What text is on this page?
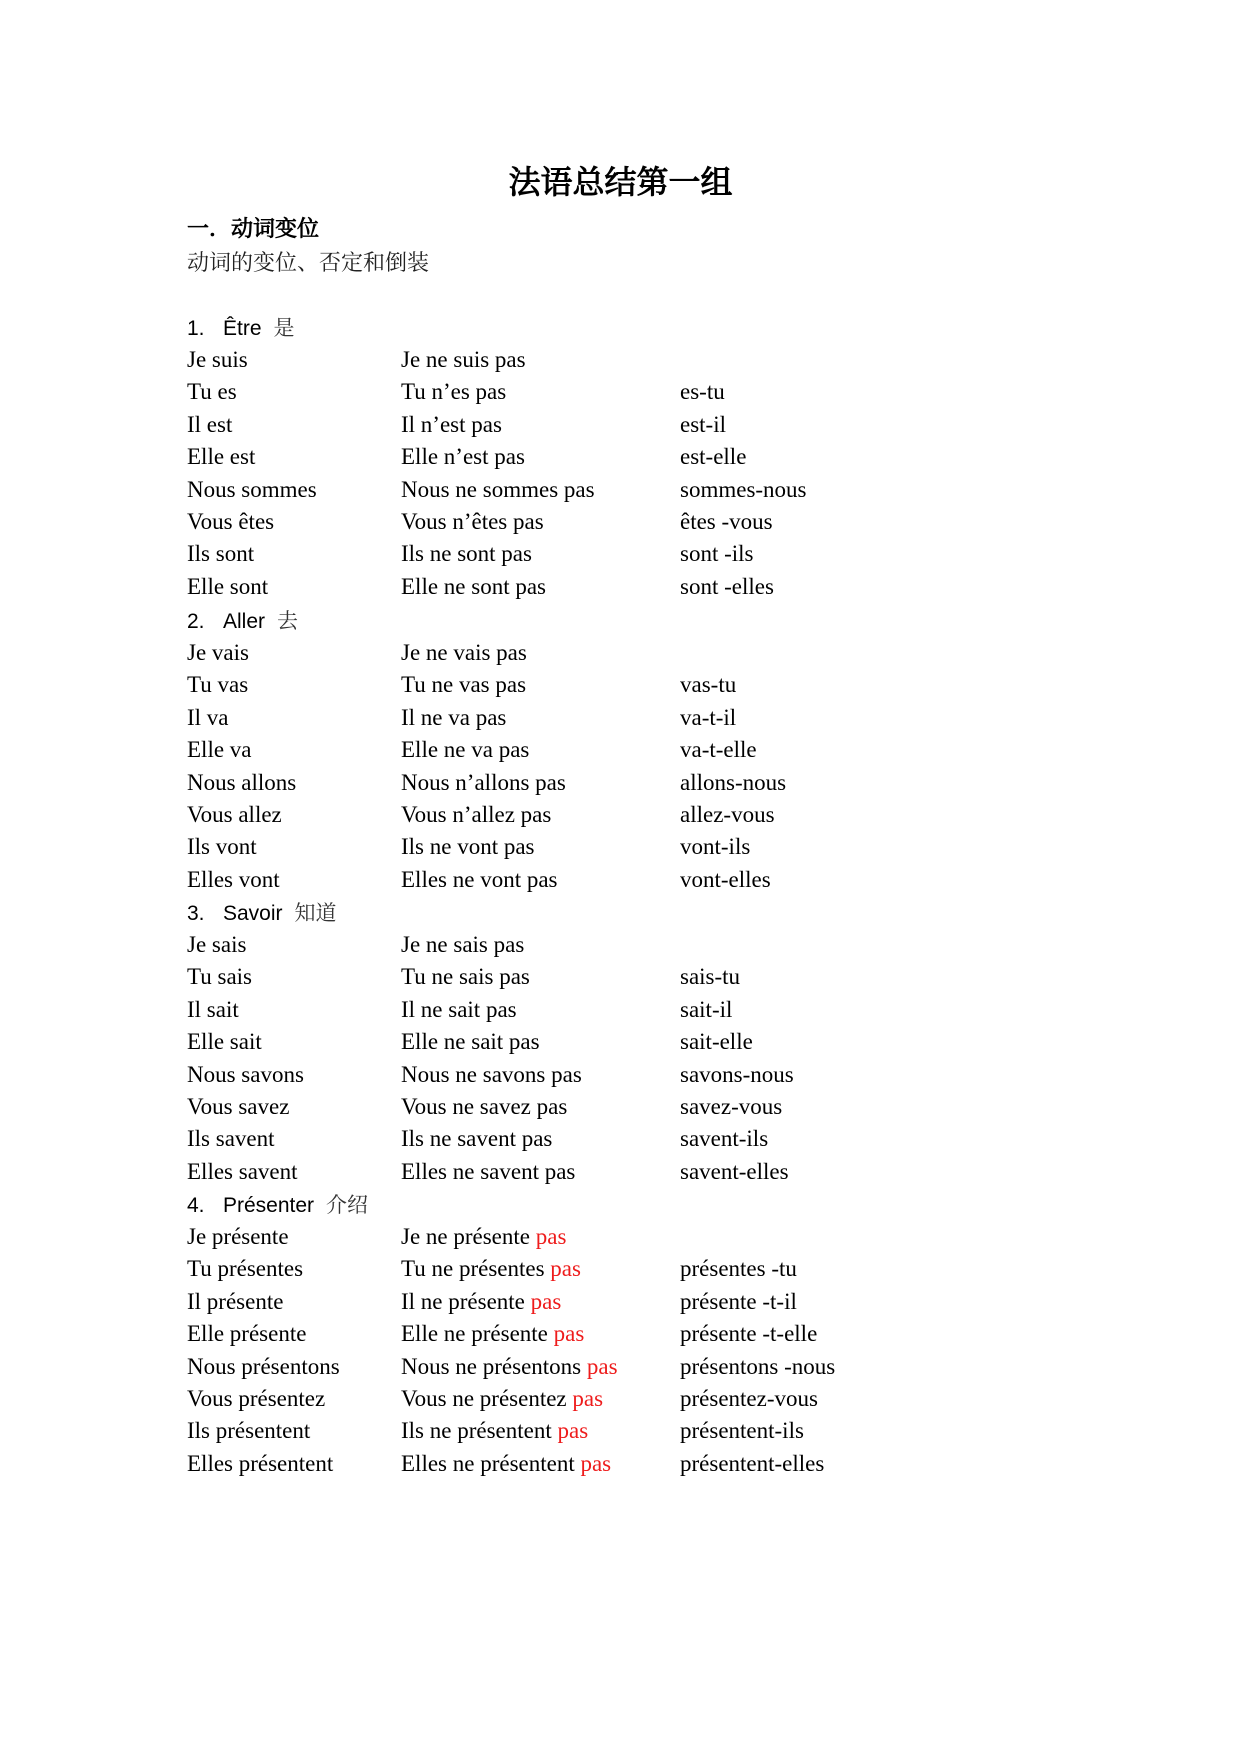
法语总结第一组
一．动词变位

动词的变位、否定和倒装

1. Être 是
Je suis	Je ne suis pas
Tu es	Tu n’es pas	es-tu
Il est	Il n’est pas	est-il
Elle est	Elle n’est pas	est-elle
Nous sommes	Nous ne sommes pas	sommes-nous
Vous êtes	Vous n’êtes pas	êtes -vous
Ils sont	Ils ne sont pas	sont -ils
Elle sont	Elle ne sont pas	sont -elles
2. Aller 去
Je vais	Je ne vais pas
Tu vas	Tu ne vas pas	vas-tu
Il va	Il ne va pas	va-t-il
Elle va	Elle ne va pas	va-t-elle
Nous allons	Nous n’allons pas	allons-nous
Vous allez	Vous n’allez pas	allez-vous
Ils vont	Ils ne vont pas	vont-ils
Elles vont	Elles ne vont pas	vont-elles
3. Savoir 知道
Je sais	Je ne sais pas
Tu sais	Tu ne sais pas	sais-tu
Il sait	Il ne sait pas	sait-il
Elle sait	Elle ne sait pas	sait-elle
Nous savons	Nous ne savons pas	savons-nous
Vous savez	Vous ne savez pas	savez-vous
Ils savent	Ils ne savent pas	savent-ils
Elles savent	Elles ne savent pas	savent-elles
4. Présenter 介绍
Je présente	Je ne présente pas
Tu présentes	Tu ne présentes pas	présentes -tu
Il présente	Il ne présente pas	présente -t-il
Elle présente	Elle ne présente pas	présente -t-elle
Nous présentons	Nous ne présentons pas	présentons -nous
Vous présentez	Vous ne présentez pas	présentez-vous
Ils présentent	Ils ne présentent pas	présentent-ils
Elles présentent	Elles ne présentent pas	présentent-elles
